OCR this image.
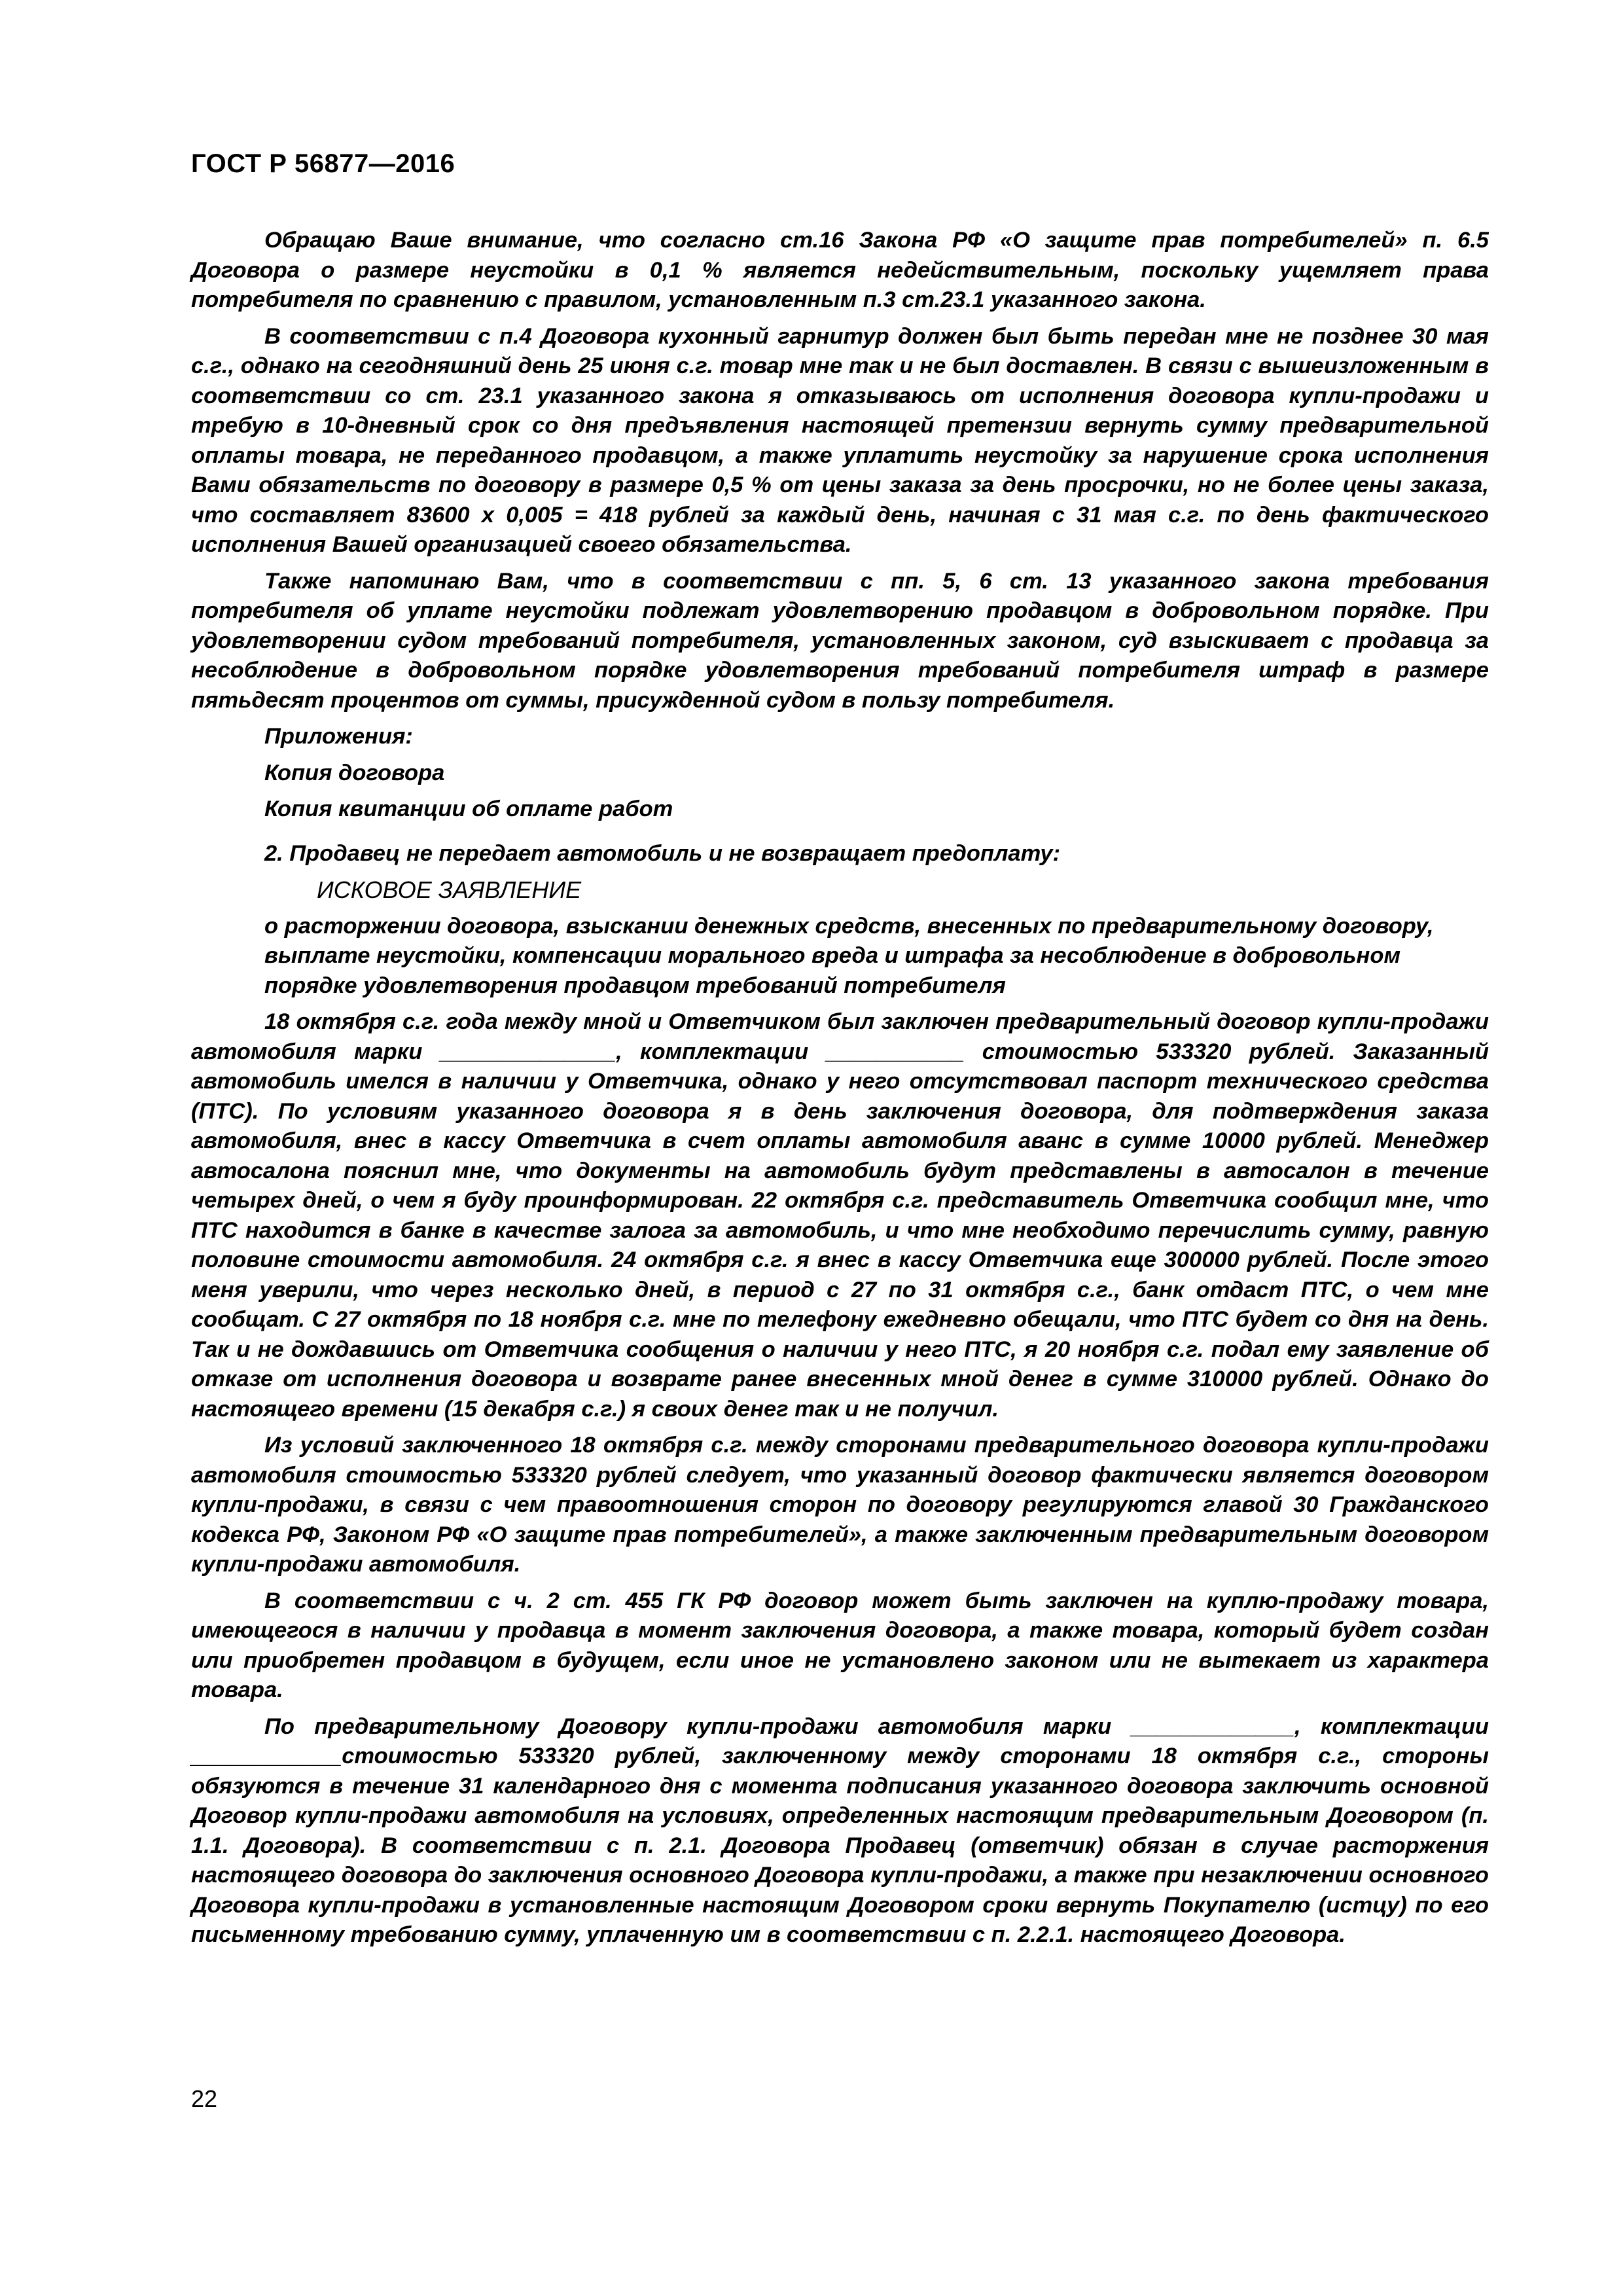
ГОСТ Р 56877—2016

Обращаю Ваше внимание, что согласно ст.16 Закона РФ «О защите прав потребителей» п. 6.5 Договора о размере неустойки в 0,1 % является недействительным, поскольку ущемляет права потребителя по сравнению с правилом, установленным п.3 ст.23.1 указанного закона.

В соответствии с п.4 Договора кухонный гарнитур должен был быть передан мне не позднее 30 мая с.г., однако на сегодняшний день 25 июня с.г. товар мне так и не был доставлен. В связи с вышеизложенным в соответствии со ст. 23.1 указанного закона я отказываюсь от исполнения договора купли-продажи и требую в 10-дневный срок со дня предъявления настоящей претензии вернуть сумму предварительной оплаты товара, не переданного продавцом, а также уплатить неустойку за нарушение срока исполнения Вами обязательств по договору в размере 0,5 % от цены заказа за день просрочки, но не более цены заказа, что составляет 83600 х 0,005 = 418 рублей за каждый день, начиная с 31 мая с.г. по день фактического исполнения Вашей организацией своего обязательства.

Также напоминаю Вам, что в соответствии с пп. 5, 6 ст. 13 указанного закона требования потребителя об уплате неустойки подлежат удовлетворению продавцом в добровольном порядке. При удовлетворении судом требований потребителя, установленных законом, суд взыскивает с продавца за несоблюдение в добровольном порядке удовлетворения требований потребителя штраф в размере пятьдесят процентов от суммы, присужденной судом в пользу потребителя.

Приложения:

Копия договора

Копия квитанции об оплате работ

2. Продавец не передает автомобиль и не возвращает предоплату:

ИСКОВОЕ ЗАЯВЛЕНИЕ

о расторжении договора, взыскании денежных средств, внесенных по предварительному договору,
выплате неустойки, компенсации морального вреда и штрафа за несоблюдение в добровольном
порядке удовлетворения продавцом требований потребителя

18 октября с.г. года между мной и Ответчиком был заключен предварительный договор купли-продажи автомобиля марки ______________, комплектации ___________ стоимостью 533320 рублей. Заказанный автомобиль имелся в наличии у Ответчика, однако у него отсутствовал паспорт технического средства (ПТС). По условиям указанного договора я в день заключения договора, для подтверждения заказа автомобиля, внес в кассу Ответчика в счет оплаты автомобиля аванс в сумме 10000 рублей. Менеджер автосалона пояснил мне, что документы на автомобиль будут представлены в автосалон в течение четырех дней, о чем я буду проинформирован. 22 октября с.г. представитель Ответчика сообщил мне, что ПТС находится в банке в качестве залога за автомобиль, и что мне необходимо перечислить сумму, равную половине стоимости автомобиля. 24 октября с.г. я внес в кассу Ответчика еще 300000 рублей. После этого меня уверили, что через несколько дней, в период с 27 по 31 октября с.г., банк отдаст ПТС, о чем мне сообщат. С 27 октября по 18 ноября с.г. мне по телефону ежедневно обещали, что ПТС будет со дня на день. Так и не дождавшись от Ответчика сообщения о наличии у него ПТС, я 20 ноября с.г. подал ему заявление об отказе от исполнения договора и возврате ранее внесенных мной денег в сумме 310000 рублей. Однако до настоящего времени (15 декабря с.г.) я своих денег так и не получил.

Из условий заключенного 18 октября с.г. между сторонами предварительного договора купли-продажи автомобиля стоимостью 533320 рублей следует, что указанный договор фактически является договором купли-продажи, в связи с чем правоотношения сторон по договору регулируются главой 30 Гражданского кодекса РФ, Законом РФ «О защите прав потребителей», а также заключенным предварительным договором купли-продажи автомобиля.

В соответствии с ч. 2 ст. 455 ГК РФ договор может быть заключен на куплю-продажу товара, имеющегося в наличии у продавца в момент заключения договора, а также товара, который будет создан или приобретен продавцом в будущем, если иное не установлено законом или не вытекает из характера товара.

По предварительному Договору купли-продажи автомобиля марки _____________, комплектации ____________стоимостью 533320 рублей, заключенному между сторонами 18 октября с.г., стороны обязуются в течение 31 календарного дня с момента подписания указанного договора заключить основной Договор купли-продажи автомобиля на условиях, определенных настоящим предварительным Договором (п. 1.1. Договора). В соответствии с п. 2.1. Договора Продавец (ответчик) обязан в случае расторжения настоящего договора до заключения основного Договора купли-продажи, а также при незаключении основного Договора купли-продажи в установленные настоящим Договором сроки вернуть Покупателю (истцу) по его письменному требованию сумму, уплаченную им в соответствии с п. 2.2.1. настоящего Договора.

22
